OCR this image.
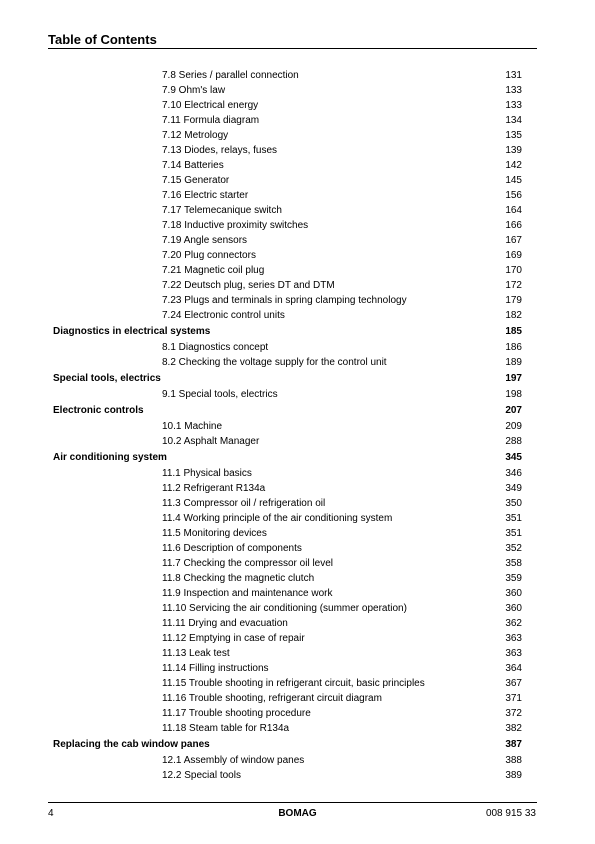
Table of Contents
7.8 Series / parallel connection	131
7.9 Ohm's law	133
7.10 Electrical energy	133
7.11 Formula diagram	134
7.12 Metrology	135
7.13 Diodes, relays, fuses	139
7.14 Batteries	142
7.15 Generator	145
7.16 Electric starter	156
7.17 Telemecanique switch	164
7.18 Inductive proximity switches	166
7.19 Angle sensors	167
7.20 Plug connectors	169
7.21 Magnetic coil plug	170
7.22 Deutsch plug, series DT and DTM	172
7.23 Plugs and terminals in spring clamping technology	179
7.24 Electronic control units	182
Diagnostics in electrical systems	185
8.1 Diagnostics concept	186
8.2 Checking the voltage supply for the control unit	189
Special tools, electrics	197
9.1 Special tools, electrics	198
Electronic controls	207
10.1 Machine	209
10.2 Asphalt Manager	288
Air conditioning system	345
11.1 Physical basics	346
11.2 Refrigerant R134a	349
11.3 Compressor oil / refrigeration oil	350
11.4 Working principle of the air conditioning system	351
11.5 Monitoring devices	351
11.6 Description of components	352
11.7 Checking the compressor oil level	358
11.8 Checking the magnetic clutch	359
11.9 Inspection and maintenance work	360
11.10 Servicing the air conditioning (summer operation)	360
11.11 Drying and evacuation	362
11.12 Emptying in case of repair	363
11.13 Leak test	363
11.14 Filling instructions	364
11.15 Trouble shooting in refrigerant circuit, basic principles	367
11.16 Trouble shooting, refrigerant circuit diagram	371
11.17 Trouble shooting procedure	372
11.18 Steam table for R134a	382
Replacing the cab window panes	387
12.1 Assembly of window panes	388
12.2 Special tools	389
4	BOMAG	008 915 33
